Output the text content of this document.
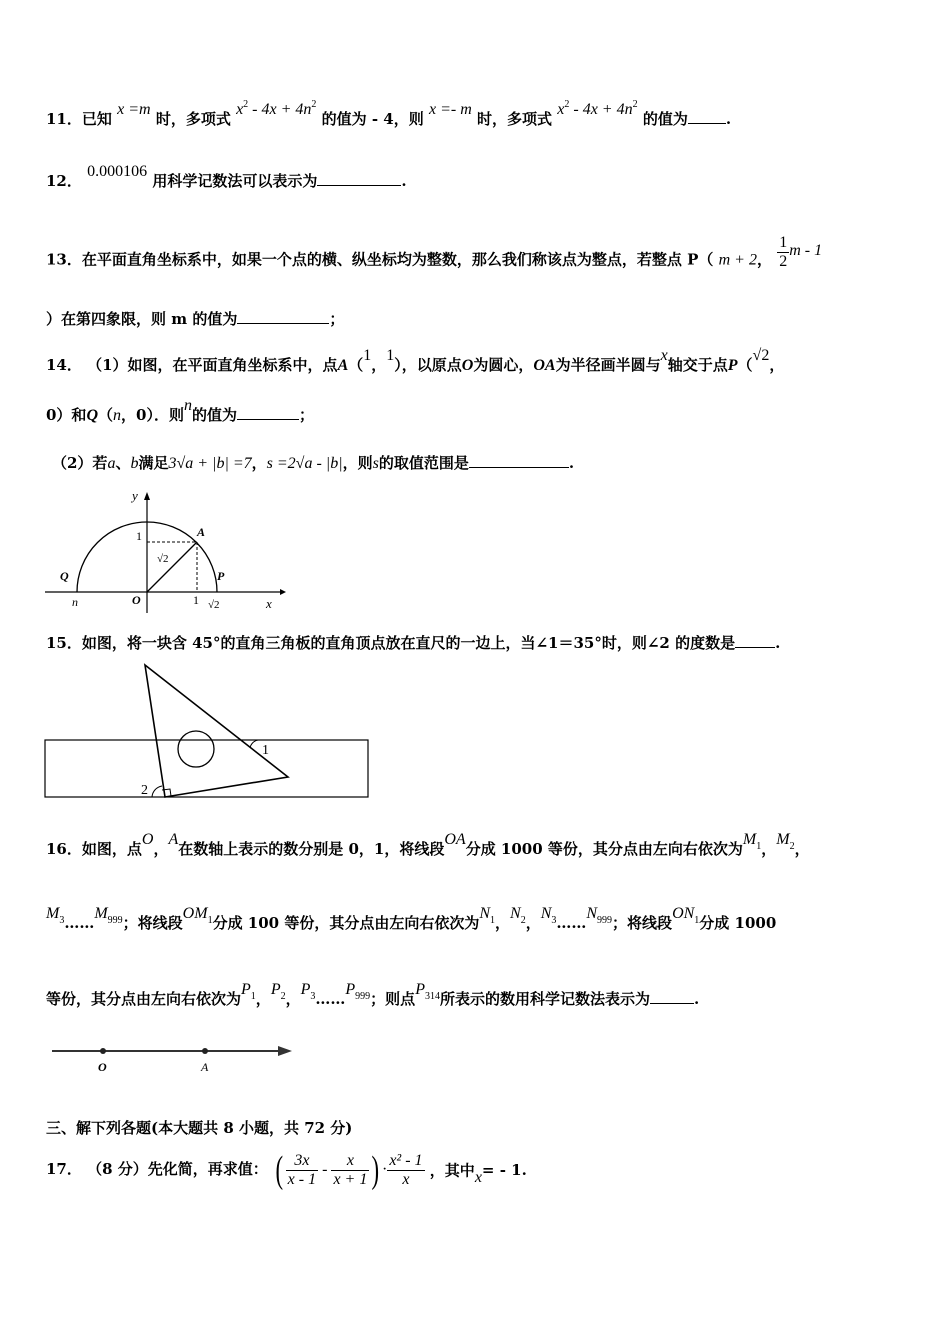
11．已知 x =m 时，多项式 $x^2 - 4x + 4n^2$ 的值为 - 4，则 x =- m 时，多项式 $x^2 - 4x + 4n^2$ 的值为	.
12． 0.000106 用科学记数法可以表示为	.
13．在平面直角坐标系中，如果一个点的横、纵坐标均为整数，那么我们称该点为整点，若整点 P（ m + 2， $\frac{1}{2}$ m - 1
）在第四象限，则 m 的值为	；
14． （1）如图，在平面直角坐标系中，点A（1，1），以原点O为圆心，OA为半径画半圆与x轴交于点P（√2，
0）和Q（n，0）．则n的值为	；
（2）若a、b满足3√a + |b| =7，s =2√a - |b|，则s的取值范围是	.
y
x
1	A
Q	P
O
n	1
√2
√2
15．如图，将一块含 45°的直角三角板的直角顶点放在直尺的一边上，当∠1＝35°时，则∠2 的度数是	.
1
2
16．如图，点O，A在数轴上表示的数分别是 0，1，将线段OA分成 1000 等份，其分点由左向右依次为$M_1$，$M_2$，
$M_3\dots\dots M_{999}$；将线段$OM_1$分成 100 等份，其分点由左向右依次为$N_1$，$N_2$，$N_3\dots\dots N_{999}$；将线段$ON_1$分成 1000
等份，其分点由左向右依次为$P_1$，$P_2$，$P_3\dots\dots P_{999}$；则点$P_{314}$所表示的数用科学记数法表示为	.
O	A
三、解下列各题(本大题共 8 小题，共 72 分)
17． （8 分）先化简，再求值： ( $\frac{3x}{x - 1} - \frac{x}{x + 1}$ ) · $\frac{\text{x² - 1}}{x}$ ，其中x= - 1.
